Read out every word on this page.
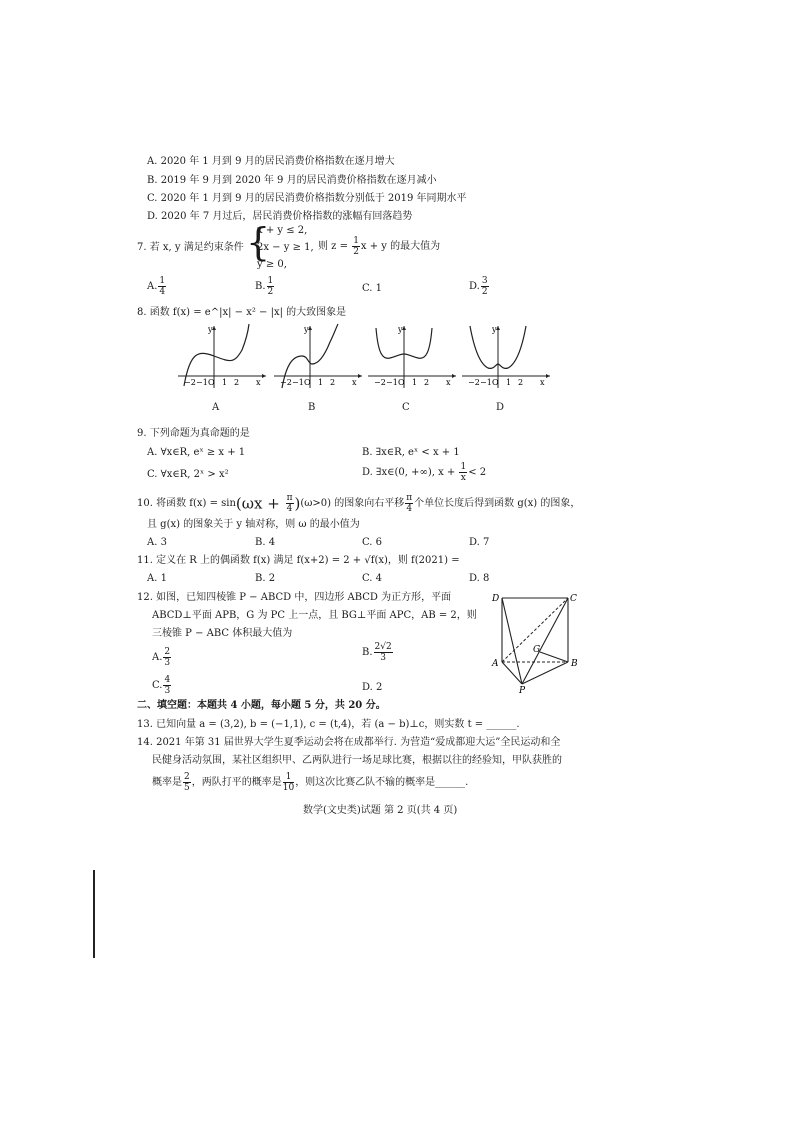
A. 2020 年 1 月到 9 月的居民消费价格指数在逐月增大
B. 2019 年 9 月到 2020 年 9 月的居民消费价格指数在逐月减小
C. 2020 年 1 月到 9 月的居民消费价格指数分别低于 2019 年同期水平
D. 2020 年 7 月过后，居民消费价格指数的涨幅有回落趋势
7. 若 x, y 满足约束条件 {
x + y ≤ 2,
2x − y ≥ 1,
y ≥ 0,
则 $z = \frac{1}{2}$ x + y 的最大值为
A. $\frac{1}{4}$	B. $\frac{1}{2}$	C. 1	D. $\frac{3}{2}$
8. 函数 f(x) = e^|x| − x² − |x| 的大致图象是
y
x
−2 −1 O 1 2
A
y
x
−2 −1 O 1 2
B
y
x
−2 −1 O 1 2
C
y
x
−2 −1 O 1 2
D
9. 下列命题为真命题的是
A. ∀x∈R, eˣ ≥ x + 1	B. ∃x∈R, eˣ < x + 1
C. ∀x∈R, 2ˣ > x²	D. ∃x∈(0, +∞), $x + \frac{1}{x} < 2$
10. 将函数 $f(x) = \sin(\omega x + \frac{\pi}{4} )(\omega>0)$ 的图象向右平移 $\frac{\pi}{4}$ 个单位长度后得到函数 g(x) 的图象，
且 g(x) 的图象关于 y 轴对称，则 ω 的最小值为
A. 3	B. 4	C. 6	D. 7
11. 定义在 R 上的偶函数 f(x) 满足 f(x+2) = 2 + √f(x)，则 f(2021) =
A. 1	B. 2	C. 4	D. 8
12. 如图，已知四棱锥 P − ABCD 中，四边形 ABCD 为正方形，平面
ABCD⊥平面 APB，G 为 PC 上一点，且 BG⊥平面 APC，AB = 2，则
三棱锥 P − ABC 体积最大值为
A. $\frac{2}{3}$	B. $\frac{2√2}{3}$
C. $\frac{4}{3}$	D. 2
D	C
A	B
G
P
二、填空题：本题共 4 小题，每小题 5 分，共 20 分。
13. 已知向量 a = (3,2), b = (−1,1), c = (t,4)，若 (a − b)⊥c，则实数 t = ______.
14. 2021 年第 31 届世界大学生夏季运动会将在成都举行. 为营造“爱成都迎大运”全民运动和全
民健身活动氛围，某社区组织甲、乙两队进行一场足球比赛，根据以往的经验知，甲队获胜的
概率是 $\frac{2}{5}$ ，两队打平的概率是 $\frac{1}{10}$ ，则这次比赛乙队不输的概率是______.
数学(文史类)试题 第 2 页(共 4 页)
